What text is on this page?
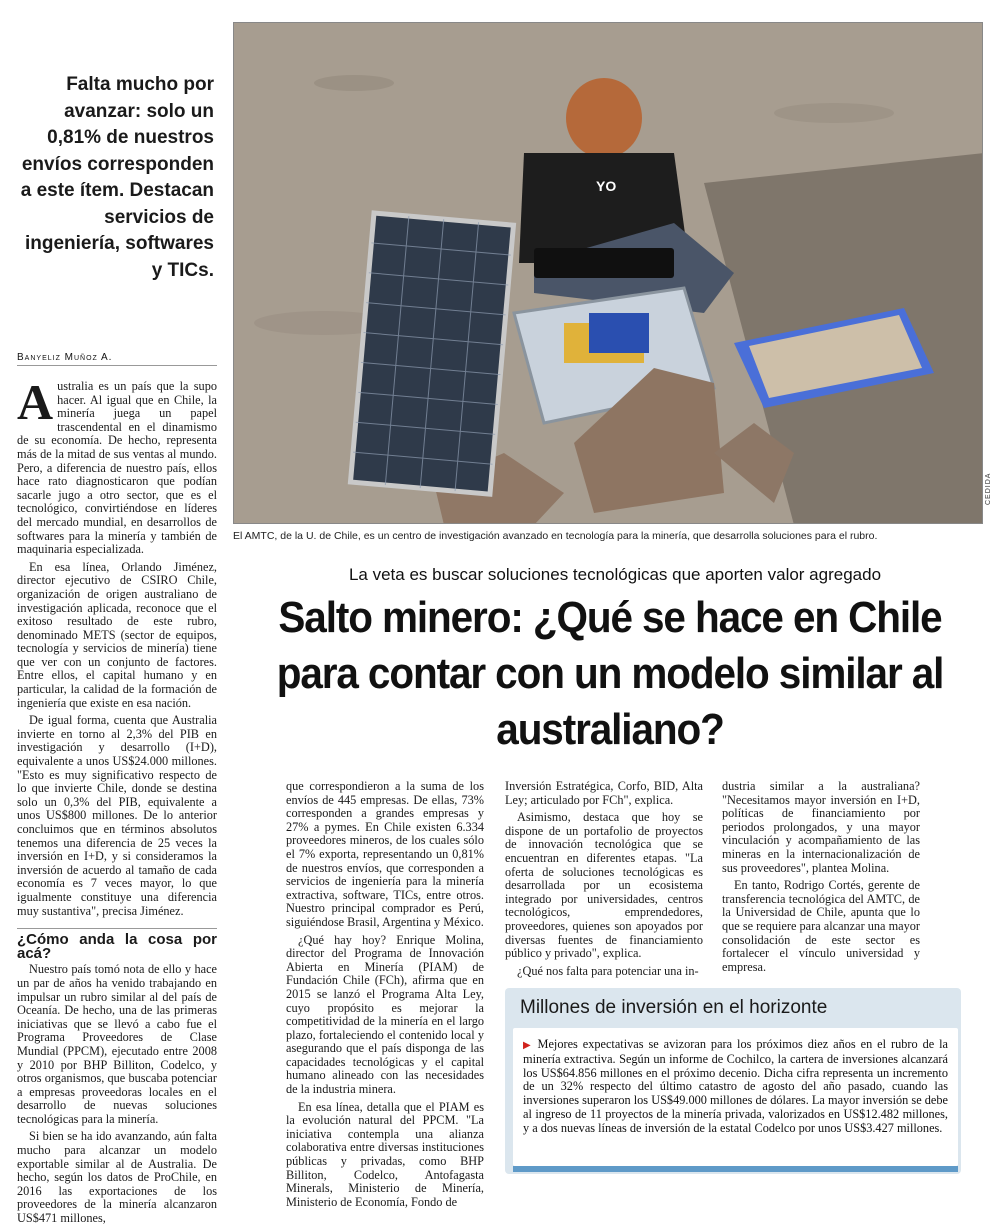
Falta mucho por avanzar: solo un 0,81% de nuestros envíos corresponden a este ítem. Destacan servicios de ingeniería, softwares y TICs.
Banyeliz Muñoz A.
YO
CEDIDA
El AMTC, de la U. de Chile, es un centro de investigación avanzado en tecnología para la minería, que desarrolla soluciones para el rubro.
La veta es buscar soluciones tecnológicas que aporten valor agregado
Salto minero: ¿Qué se hace en Chile para contar con un modelo similar al australiano?

Australia es un país que la supo hacer. Al igual que en Chile, la minería juega un papel trascendental en el dinamismo de su economía. De hecho, representa más de la mitad de sus ventas al mundo. Pero, a diferencia de nuestro país, ellos hace rato diagnosticaron que podían sacarle jugo a otro sector, que es el tecnológico, convirtiéndose en líderes del mercado mundial, en desarrollos de softwares para la minería y también de maquinaria especializada.

En esa línea, Orlando Jiménez, director ejecutivo de CSIRO Chile, organización de origen australiano de investigación aplicada, reconoce que el exitoso resultado de este rubro, denominado METS (sector de equipos, tecnología y servicios de minería) tiene que ver con un conjunto de factores. Entre ellos, el capital humano y en particular, la calidad de la formación de ingeniería que existe en esa nación.

De igual forma, cuenta que Australia invierte en torno al 2,3% del PIB en investigación y desarrollo (I+D), equivalente a unos US$24.000 millones. "Esto es muy significativo respecto de lo que invierte Chile, donde se destina solo un 0,3% del PIB, equivalente a unos US$800 millones. De lo anterior concluimos que en términos absolutos tenemos una diferencia de 25 veces la inversión en I+D, y si consideramos la inversión de acuerdo al tamaño de cada economía es 7 veces mayor, lo que igualmente constituye una diferencia muy sustantiva", precisa Jiménez.

¿Cómo anda la cosa por acá?

Nuestro país tomó nota de ello y hace un par de años ha venido trabajando en impulsar un rubro similar al del país de Oceanía. De hecho, una de las primeras iniciativas que se llevó a cabo fue el Programa Proveedores de Clase Mundial (PPCM), ejecutado entre 2008 y 2010 por BHP Billiton, Codelco, y otros organismos, que buscaba potenciar a empresas proveedoras locales en el desarrollo de nuevas soluciones tecnológicas para la minería.

Si bien se ha ido avanzando, aún falta mucho para alcanzar un modelo exportable similar al de Australia. De hecho, según los datos de ProChile, en 2016 las exportaciones de los proveedores de la minería alcanzaron US$471 millones,

que correspondieron a la suma de los envíos de 445 empresas. De ellas, 73% corresponden a grandes empresas y 27% a pymes. En Chile existen 6.334 proveedores mineros, de los cuales sólo el 7% exporta, representando un 0,81% de nuestros envíos, que corresponden a servicios de ingeniería para la minería extractiva, software, TICs, entre otros. Nuestro principal comprador es Perú, siguiéndose Brasil, Argentina y México.

¿Qué hay hoy? Enrique Molina, director del Programa de Innovación Abierta en Minería (PIAM) de Fundación Chile (FCh), afirma que en 2015 se lanzó el Programa Alta Ley, cuyo propósito es mejorar la competitividad de la minería en el largo plazo, fortaleciendo el contenido local y asegurando que el país disponga de las capacidades tecnológicas y el capital humano alineado con las necesidades de la industria minera.

En esa línea, detalla que el PIAM es la evolución natural del PPCM. "La iniciativa contempla una alianza colaborativa entre diversas instituciones públicas y privadas, como BHP Billiton, Codelco, Antofagasta Minerals, Ministerio de Minería, Ministerio de Economía, Fondo de

Inversión Estratégica, Corfo, BID, Alta Ley; articulado por FCh", explica.

Asimismo, destaca que hoy se dispone de un portafolio de proyectos de innovación tecnológica que se encuentran en diferentes etapas. "La oferta de soluciones tecnológicas es desarrollada por un ecosistema integrado por universidades, centros tecnológicos, emprendedores, proveedores, quienes son apoyados por diversas fuentes de financiamiento público y privado", explica.

¿Qué nos falta para potenciar una in-

dustria similar a la australiana? "Necesitamos mayor inversión en I+D, políticas de financiamiento por periodos prolongados, y una mayor vinculación y acompañamiento de las mineras en la internacionalización de sus proveedores", plantea Molina.

En tanto, Rodrigo Cortés, gerente de transferencia tecnológica del AMTC, de la Universidad de Chile, apunta que lo que se requiere para alcanzar una mayor consolidación de este sector es fortalecer el vínculo universidad y empresa.

Millones de inversión en el horizonte
▶ Mejores expectativas se avizoran para los próximos diez años en el rubro de la minería extractiva. Según un informe de Cochilco, la cartera de inversiones alcanzará los US$64.856 millones en el próximo decenio. Dicha cifra representa un incremento de un 32% respecto del último catastro de agosto del año pasado, cuando las inversiones superaron los US$49.000 millones de dólares. La mayor inversión se debe al ingreso de 11 proyectos de la minería privada, valorizados en US$12.482 millones, y a dos nuevas líneas de inversión de la estatal Codelco por unos US$3.427 millones.
